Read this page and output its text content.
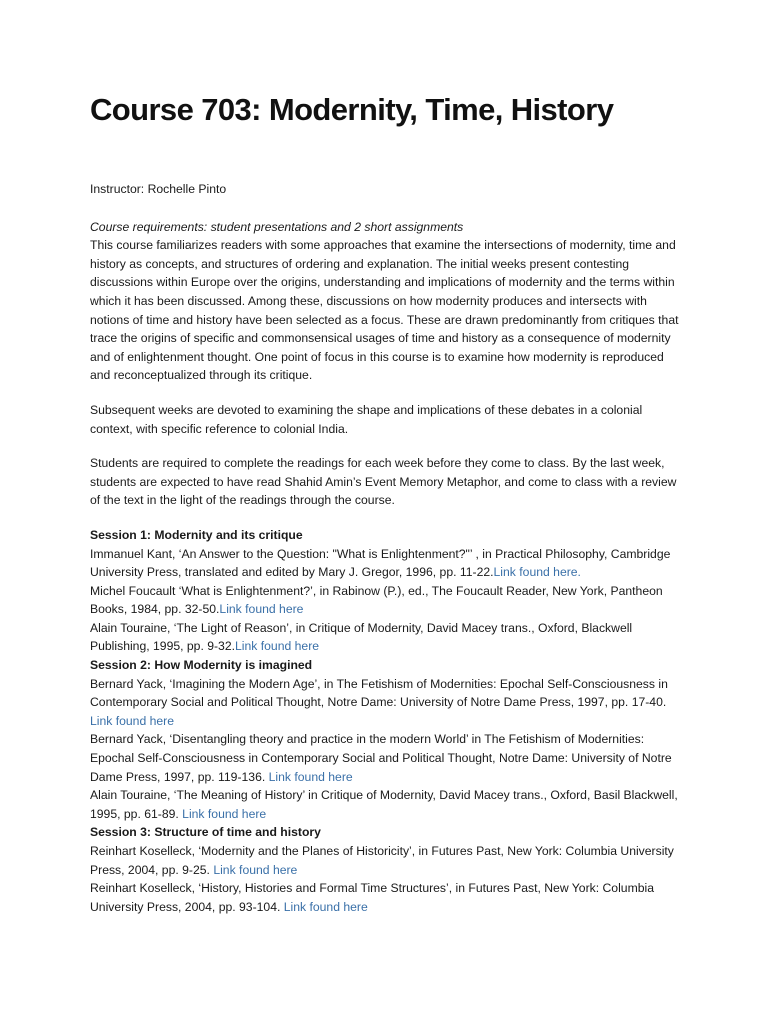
Course 703: Modernity, Time, History

Instructor: Rochelle Pinto

Course requirements: student presentations and 2 short assignments

This course familiarizes readers with some approaches that examine the intersections of modernity, time and history as concepts, and structures of ordering and explanation. The initial weeks present contesting discussions within Europe over the origins, understanding and implications of modernity and the terms within which it has been discussed. Among these, discussions on how modernity produces and intersects with notions of time and history have been selected as a focus. These are drawn predominantly from critiques that trace the origins of specific and commonsensical usages of time and history as a consequence of modernity and of enlightenment thought. One point of focus in this course is to examine how modernity is reproduced and reconceptualized through its critique.

Subsequent weeks are devoted to examining the shape and implications of these debates in a colonial context, with specific reference to colonial India.

Students are required to complete the readings for each week before they come to class. By the last week, students are expected to have read Shahid Amin’s Event Memory Metaphor, and come to class with a review of the text in the light of the readings through the course.

Session 1: Modernity and its critique

Immanuel Kant, ‘An Answer to the Question: "What is Enlightenment?"’ , in Practical Philosophy, Cambridge University Press, translated and edited by Mary J. Gregor, 1996, pp. 11-22.Link found here.

Michel Foucault ‘What is Enlightenment?’, in Rabinow (P.), ed., The Foucault Reader, New York, Pantheon Books, 1984, pp. 32-50.Link found here

Alain Touraine, ‘The Light of Reason’, in Critique of Modernity, David Macey trans., Oxford, Blackwell Publishing, 1995, pp. 9-32.Link found here

Session 2: How Modernity is imagined

Bernard Yack, ‘Imagining the Modern Age’, in The Fetishism of Modernities: Epochal Self-Consciousness in Contemporary Social and Political Thought, Notre Dame: University of Notre Dame Press, 1997, pp. 17-40. Link found here

Bernard Yack, ‘Disentangling theory and practice in the modern World’ in The Fetishism of Modernities: Epochal Self-Consciousness in Contemporary Social and Political Thought, Notre Dame: University of Notre Dame Press, 1997, pp. 119-136. Link found here

Alain Touraine, ‘The Meaning of History’ in Critique of Modernity, David Macey trans., Oxford, Basil Blackwell, 1995, pp. 61-89. Link found here

Session 3: Structure of time and history

Reinhart Koselleck, ‘Modernity and the Planes of Historicity’, in Futures Past, New York: Columbia University Press, 2004, pp. 9-25. Link found here

Reinhart Koselleck, ‘History, Histories and Formal Time Structures’, in Futures Past, New York: Columbia University Press, 2004, pp. 93-104. Link found here
